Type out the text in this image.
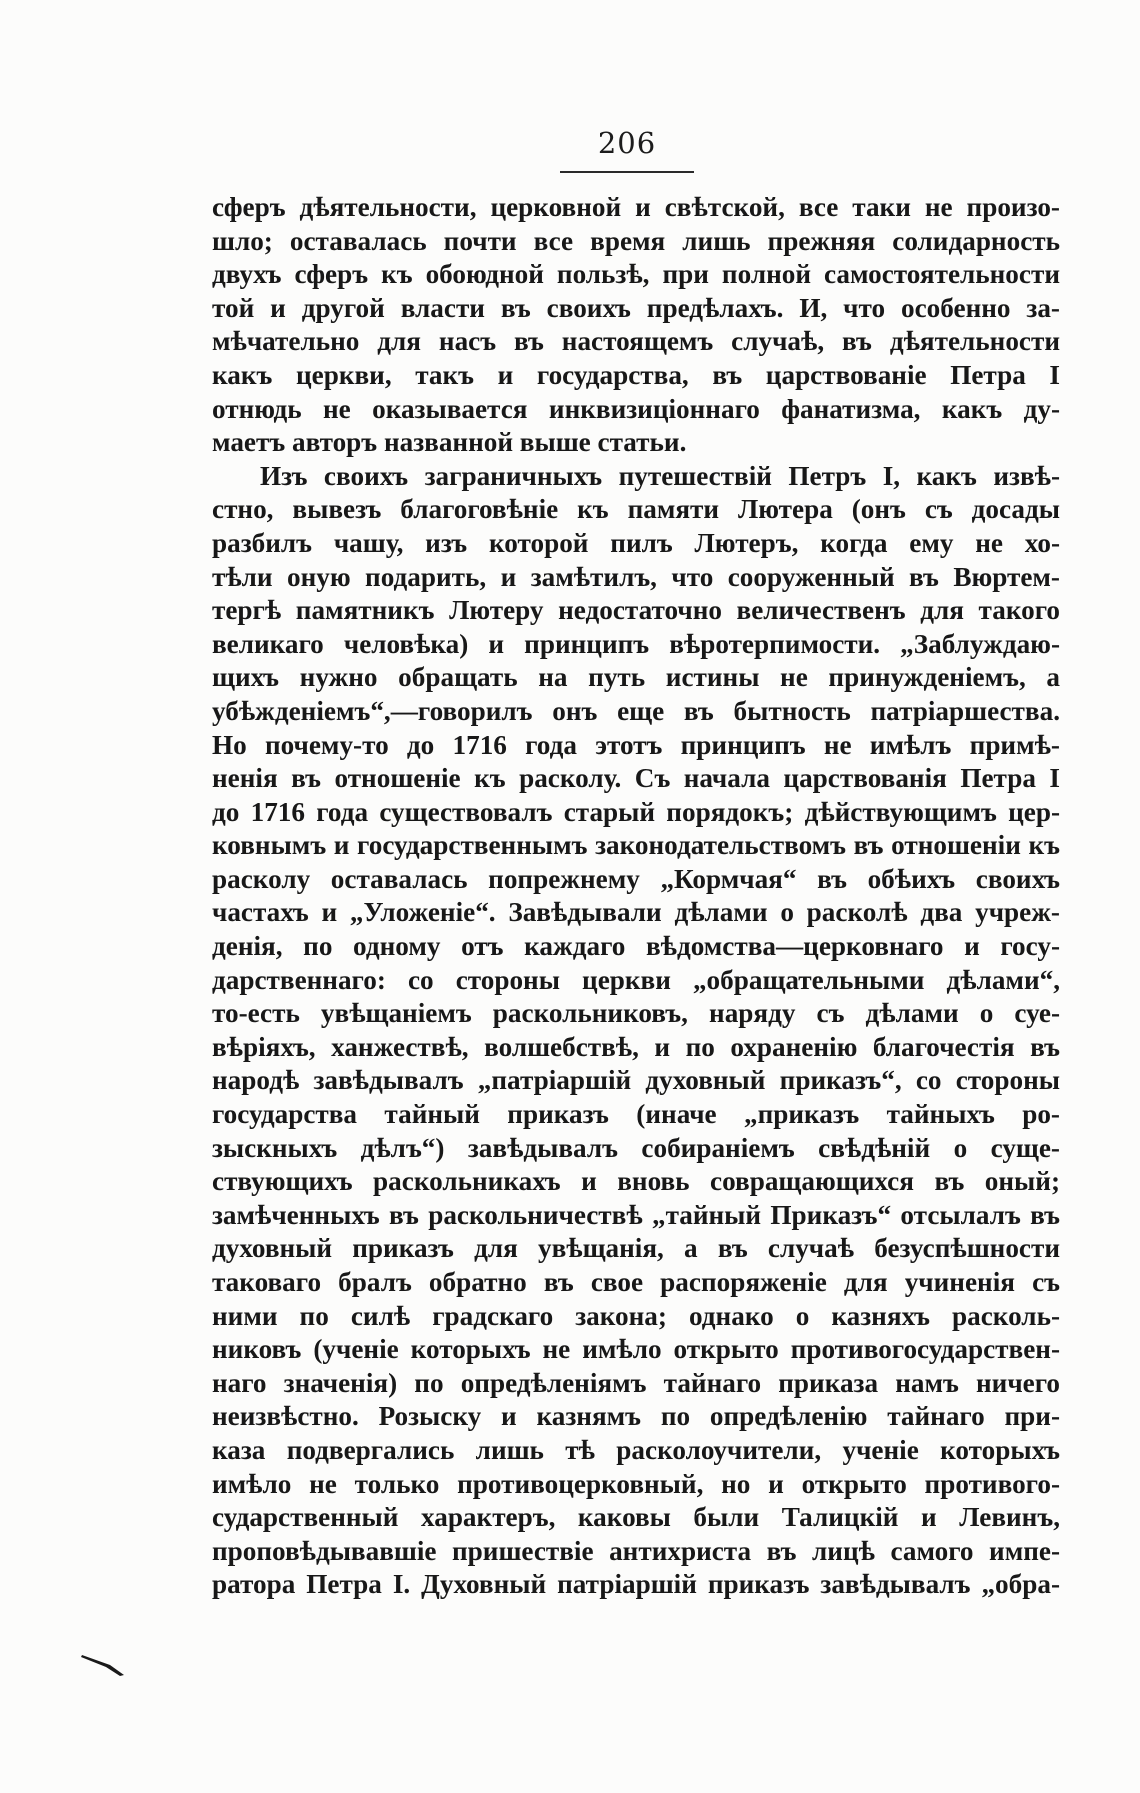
206
сферъ дѣятельности, церковной и свѣтской, все таки не произо-
шло; оставалась почти все время лишь прежняя солидарность
двухъ сферъ къ обоюдной пользѣ, при полной самостоятельности
той и другой власти въ своихъ предѣлахъ. И, что особенно за-
мѣчательно для насъ въ настоящемъ случаѣ, въ дѣятельности
какъ церкви, такъ и государства, въ царствованіе Петра I
отнюдь не оказывается инквизиціоннаго фанатизма, какъ ду-
маетъ авторъ названной выше статьи.
Изъ своихъ заграничныхъ путешествій Петръ I, какъ извѣ-
стно, вывезъ благоговѣніе къ памяти Лютера (онъ съ досады
разбилъ чашу, изъ которой пилъ Лютеръ, когда ему не хо-
тѣли оную подарить, и замѣтилъ, что сооруженный въ Вюртем-
тергѣ памятникъ Лютеру недостаточно величественъ для такого
великаго человѣка) и принципъ вѣротерпимости. „Заблуждаю-
щихъ нужно обращать на путь истины не принужденіемъ, а
убѣжденіемъ“,—говорилъ онъ еще въ бытность патріаршества.
Но почему-то до 1716 года этотъ принципъ не имѣлъ примѣ-
ненія въ отношеніе къ расколу. Съ начала царствованія Петра I
до 1716 года существовалъ старый порядокъ; дѣйствующимъ цер-
ковнымъ и государственнымъ законодательствомъ въ отношеніи къ
расколу оставалась попрежнему „Кормчая“ въ обѣихъ своихъ
частахъ и „Уложеніе“. Завѣдывали дѣлами о расколѣ два учреж-
денія, по одному отъ каждаго вѣдомства—церковнаго и госу-
дарственнаго: со стороны церкви „обращательными дѣлами“,
то-есть увѣщаніемъ раскольниковъ, наряду съ дѣлами о суе-
вѣріяхъ, ханжествѣ, волшебствѣ, и по охраненію благочестія въ
народѣ завѣдывалъ „патріаршій духовный приказъ“, со стороны
государства тайный приказъ (иначе „приказъ тайныхъ ро-
зыскныхъ дѣлъ“) завѣдывалъ собираніемъ свѣдѣній о суще-
ствующихъ раскольникахъ и вновь совращающихся въ оный;
замѣченныхъ въ раскольничествѣ „тайный Приказъ“ отсылалъ въ
духовный приказъ для увѣщанія, а въ случаѣ безуспѣшности
таковаго бралъ обратно въ свое распоряженіе для учиненія съ
ними по силѣ градскаго закона; однако о казняхъ расколь-
никовъ (ученіе которыхъ не имѣло открыто противогосударствен-
наго значенія) по опредѣленіямъ тайнаго приказа намъ ничего
неизвѣстно. Розыску и казнямъ по опредѣленію тайнаго при-
каза подвергались лишь тѣ расколоучители, ученіе которыхъ
имѣло не только противоцерковный, но и открыто противого-
сударственный характеръ, каковы были Талицкій и Левинъ,
проповѣдывавшіе пришествіе антихриста въ лицѣ самого импе-
ратора Петра I. Духовный патріаршій приказъ завѣдывалъ „обра-
